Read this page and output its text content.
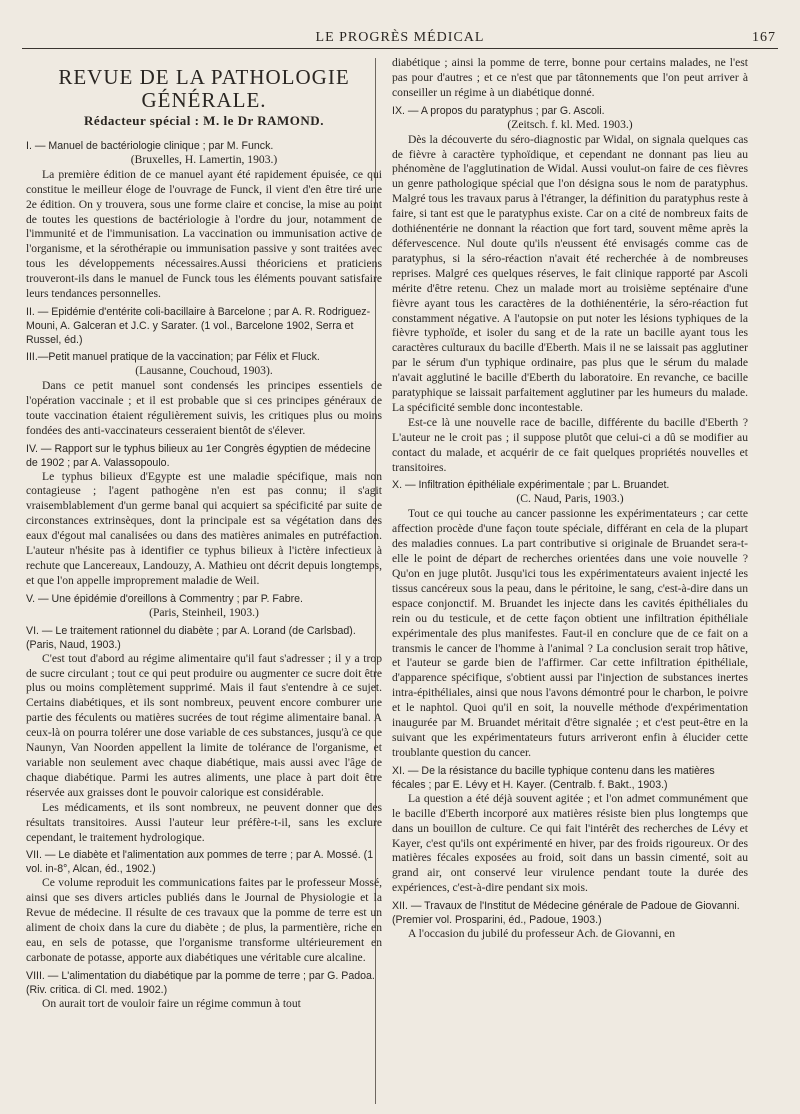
LE PROGRÈS MÉDICAL	167
REVUE DE LA PATHOLOGIE GÉNÉRALE.
Rédacteur spécial : M. le Dr RAMOND.
I. — Manuel de bactériologie clinique ; par M. Funck.

(Bruxelles, H. Lamertin, 1903.)

La première édition de ce manuel ayant été rapidement épuisée, ce qui constitue le meilleur éloge de l'ouvrage de Funck, il vient d'en être tiré une 2e édition. On y trouvera, sous une forme claire et concise, la mise au point de toutes les questions de bactériologie à l'ordre du jour, notamment de l'immunité et de l'immunisation. La vaccination ou immunisation active de l'organisme, et la sérothérapie ou immunisation passive y sont traitées avec tous les développements nécessaires.Aussi théoriciens et praticiens trouveront-ils dans le manuel de Funck tous les éléments pouvant satisfaire leurs tendances personnelles.

II. — Epidémie d'entérite coli-bacillaire à Barcelone ; par A. R. Rodriguez-Mouni, A. Galceran et J.C. y Sarater. (1 vol., Barcelone 1902, Serra et Russel, éd.)
III.—Petit manuel pratique de la vaccination; par Félix et Fluck.

(Lausanne, Couchoud, 1903).

Dans ce petit manuel sont condensés les principes essentiels de l'opération vaccinale ; et il est probable que si ces principes généraux de toute vaccination étaient régulièrement suivis, les critiques plus ou moins fondées des anti-vaccinateurs cesseraient bientôt de s'élever.

IV. — Rapport sur le typhus bilieux au 1er Congrès égyptien de médecine de 1902 ; par A. Valassopoulo.

Le typhus bilieux d'Egypte est une maladie spécifique, mais non contagieuse ; l'agent pathogène n'en est pas connu; il s'agit vraisemblablement d'un germe banal qui acquiert sa spécificité par suite de circonstances extrinsèques, dont la principale est sa végétation dans des eaux d'égout mal canalisées ou dans des matières animales en putréfaction. L'auteur n'hésite pas à identifier ce typhus bilieux à l'ictère infectieux à rechute que Lancereaux, Landouzy, A. Mathieu ont décrit depuis longtemps, et que l'on appelle improprement maladie de Weil.

V. — Une épidémie d'oreillons à Commentry ; par P. Fabre.

(Paris, Steinheil, 1903.)

VI. — Le traitement rationnel du diabète ; par A. Lorand (de Carlsbad). (Paris, Naud, 1903.)

C'est tout d'abord au régime alimentaire qu'il faut s'adresser ; il y a trop de sucre circulant ; tout ce qui peut produire ou augmenter ce sucre doit être plus ou moins complètement supprimé. Mais il faut s'entendre à ce sujet. Certains diabétiques, et ils sont nombreux, peuvent encore comburer une partie des féculents ou matières sucrées de tout régime alimentaire banal. A ceux-là on pourra tolérer une dose variable de ces substances, jusqu'à ce que Naunyn, Van Noorden appellent la limite de tolérance de l'organisme, et variable non seulement avec chaque diabétique, mais aussi avec l'âge de chaque diabétique. Parmi les autres aliments, une place à part doit être réservée aux graisses dont le pouvoir calorique est considérable.

Les médicaments, et ils sont nombreux, ne peuvent donner que des résultats transitoires. Aussi l'auteur leur préfère-t-il, sans les exclure cependant, le traitement hydrologique.

VII. — Le diabète et l'alimentation aux pommes de terre ; par A. Mossé. (1 vol. in-8°, Alcan, éd., 1902.)

Ce volume reproduit les communications faites par le professeur Mossé, ainsi que ses divers articles publiés dans le Journal de Physiologie et la Revue de médecine. Il résulte de ces travaux que la pomme de terre est un aliment de choix dans la cure du diabète ; de plus, la parmentière, riche en eau, en sels de potasse, que l'organisme transforme ultérieurement en carbonate de potasse, apporte aux diabétiques une véritable cure alcaline.

VIII. — L'alimentation du diabétique par la pomme de terre ; par G. Padoa. (Riv. critica. di Cl. med. 1902.)

On aurait tort de vouloir faire un régime commun à tout

diabétique ; ainsi la pomme de terre, bonne pour certains malades, ne l'est pas pour d'autres ; et ce n'est que par tâtonnements que l'on peut arriver à conseiller un régime à un diabétique donné.

IX. — A propos du paratyphus ; par G. Ascoli.

(Zeitsch. f. kl. Med. 1903.)

Dès la découverte du séro-diagnostic par Widal, on signala quelques cas de fièvre à caractère typhoïdique, et cependant ne donnant pas lieu au phénomène de l'agglutination de Widal. Aussi voulut-on faire de ces fièvres un genre pathologique spécial que l'on désigna sous le nom de paratyphus. Malgré tous les travaux parus à l'étranger, la définition du paratyphus reste à faire, si tant est que le paratyphus existe. Car on a cité de nombreux faits de dothiénentérie ne donnant la réaction que fort tard, souvent même après la défervescence. Nul doute qu'ils n'eussent été envisagés comme cas de paratyphus, si la séro-réaction n'avait été recherchée à de nombreuses reprises. Malgré ces quelques réserves, le fait clinique rapporté par Ascoli mérite d'être retenu. Chez un malade mort au troisième septénaire d'une fièvre ayant tous les caractères de la dothiénentérie, la séro-réaction fut constamment négative. A l'autopsie on put noter les lésions typhiques de la fièvre typhoïde, et isoler du sang et de la rate un bacille ayant tous les caractères culturaux du bacille d'Eberth. Mais il ne se laissait pas agglutiner par le sérum d'un typhique ordinaire, pas plus que le sérum du malade n'avait agglutiné le bacille d'Eberth du laboratoire. En revanche, ce bacille paratyphique se laissait parfaitement agglutiner par les humeurs du malade. La spécificité semble donc incontestable.

Est-ce là une nouvelle race de bacille, différente du bacille d'Eberth ? L'auteur ne le croit pas ; il suppose plutôt que celui-ci a dû se modifier au contact du malade, et acquérir de ce fait quelques propriétés nouvelles et transitoires.

X. — Infiltration épithéliale expérimentale ; par L. Bruandet.

(C. Naud, Paris, 1903.)

Tout ce qui touche au cancer passionne les expérimentateurs ; car cette affection procède d'une façon toute spéciale, différant en cela de la plupart des maladies connues. La part contributive si originale de Bruandet sera-t-elle le point de départ de recherches orientées dans une voie nouvelle ? Qu'on en juge plutôt. Jusqu'ici tous les expérimentateurs avaient injecté les tissus cancéreux sous la peau, dans le péritoine, le sang, c'est-à-dire dans un espace conjonctif. M. Bruandet les injecte dans les cavités épithéliales du rein ou du testicule, et de cette façon obtient une infiltration épithéliale expérimentale des plus manifestes. Faut-il en conclure que de ce fait on a transmis le cancer de l'homme à l'animal ? La conclusion serait trop hâtive, et l'auteur se garde bien de l'affirmer. Car cette infiltration épithéliale, d'apparence spécifique, s'obtient aussi par l'injection de substances inertes intra-épithéliales, ainsi que nous l'avons démontré pour le charbon, le poivre et le naphtol. Quoi qu'il en soit, la nouvelle méthode d'expérimentation inaugurée par M. Bruandet méritait d'être signalée ; et c'est peut-être en la suivant que les expérimentateurs futurs arriveront enfin à élucider cette troublante question du cancer.

XI. — De la résistance du bacille typhique contenu dans les matières fécales ; par E. Lévy et H. Kayer. (Centralb. f. Bakt., 1903.)

La question a été déjà souvent agitée ; et l'on admet communément que le bacille d'Eberth incorporé aux matières résiste bien plus longtemps que dans un bouillon de culture. Ce qui fait l'intérêt des recherches de Lévy et Kayer, c'est qu'ils ont expérimenté en hiver, par des froids rigoureux. Or des matières fécales exposées au froid, soit dans un bassin cimenté, soit au grand air, ont conservé leur virulence pendant toute la durée des expériences, c'est-à-dire pendant six mois.

XII. — Travaux de l'Institut de Médecine générale de Padoue de Giovanni. (Premier vol. Prosparini, éd., Padoue, 1903.)

A l'occasion du jubilé du professeur Ach. de Giovanni, en
